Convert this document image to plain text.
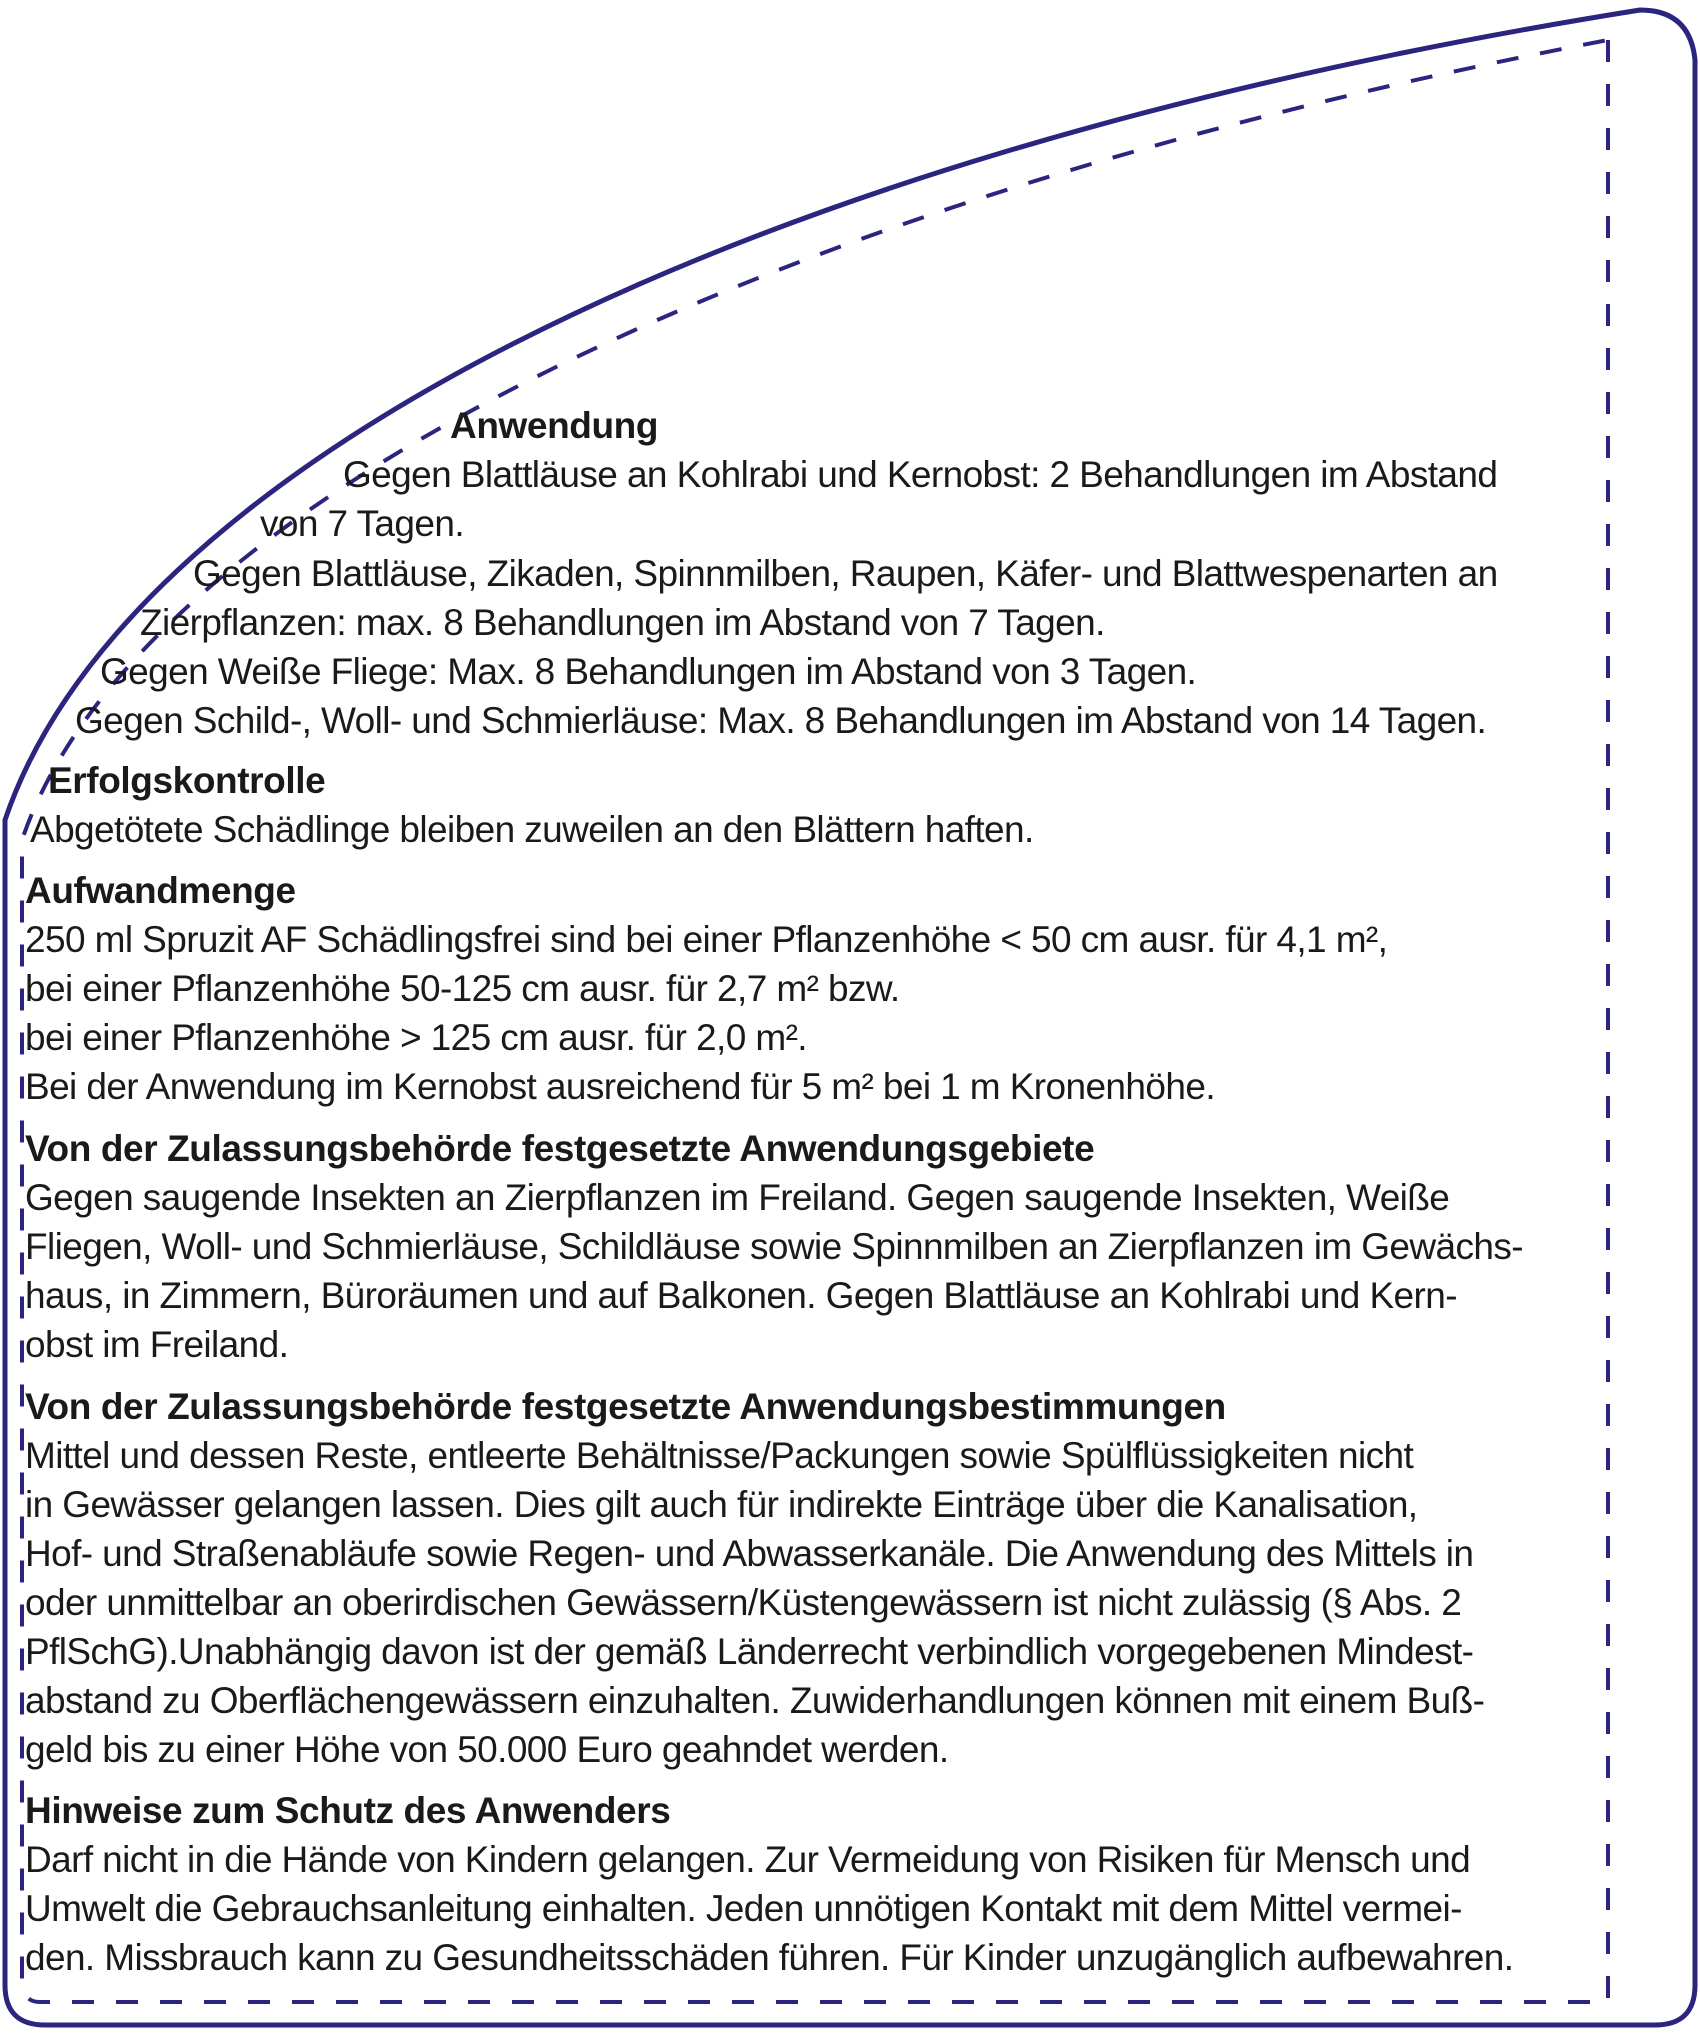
Anwendung
Gegen Blattläuse an Kohlrabi und Kernobst: 2 Behandlungen im Abstand
von 7 Tagen.
Gegen Blattläuse, Zikaden, Spinnmilben, Raupen, Käfer- und Blattwespenarten an
Zierpflanzen: max. 8 Behandlungen im Abstand von 7 Tagen.
Gegen Weiße Fliege: Max. 8 Behandlungen im Abstand von 3 Tagen.
Gegen Schild-, Woll- und Schmierläuse: Max. 8 Behandlungen im Abstand von 14 Tagen.
Erfolgskontrolle
Abgetötete Schädlinge bleiben zuweilen an den Blättern haften.
Aufwandmenge
250 ml Spruzit AF Schädlingsfrei sind bei einer Pflanzenhöhe < 50 cm ausr. für 4,1 m²,
bei einer Pflanzenhöhe 50-125 cm ausr. für 2,7 m² bzw.
bei einer Pflanzenhöhe > 125 cm ausr. für 2,0 m².
Bei der Anwendung im Kernobst ausreichend für 5 m² bei 1 m Kronenhöhe.
Von der Zulassungsbehörde festgesetzte Anwendungsgebiete
Gegen saugende Insekten an Zierpflanzen im Freiland. Gegen saugende Insekten, Weiße
Fliegen, Woll- und Schmierläuse, Schildläuse sowie Spinnmilben an Zierpflanzen im Gewächs-
haus, in Zimmern, Büroräumen und auf Balkonen. Gegen Blattläuse an Kohlrabi und Kern-
obst im Freiland.
Von der Zulassungsbehörde festgesetzte Anwendungsbestimmungen
Mittel und dessen Reste, entleerte Behältnisse/Packungen sowie Spülflüssigkeiten nicht
in Gewässer gelangen lassen. Dies gilt auch für indirekte Einträge über die Kanalisation,
Hof- und Straßenabläufe sowie Regen- und Abwasserkanäle. Die Anwendung des Mittels in
oder unmittelbar an oberirdischen Gewässern/Küstengewässern ist nicht zulässig (§ Abs. 2
PflSchG).Unabhängig davon ist der gemäß Länderrecht verbindlich vorgegebenen Mindest-
abstand zu Oberflächengewässern einzuhalten. Zuwiderhandlungen können mit einem Buß-
geld bis zu einer Höhe von 50.000 Euro geahndet werden.
Hinweise zum Schutz des Anwenders
Darf nicht in die Hände von Kindern gelangen. Zur Vermeidung von Risiken für Mensch und
Umwelt die Gebrauchsanleitung einhalten. Jeden unnötigen Kontakt mit dem Mittel vermei-
den. Missbrauch kann zu Gesundheitsschäden führen. Für Kinder unzugänglich aufbewahren.
